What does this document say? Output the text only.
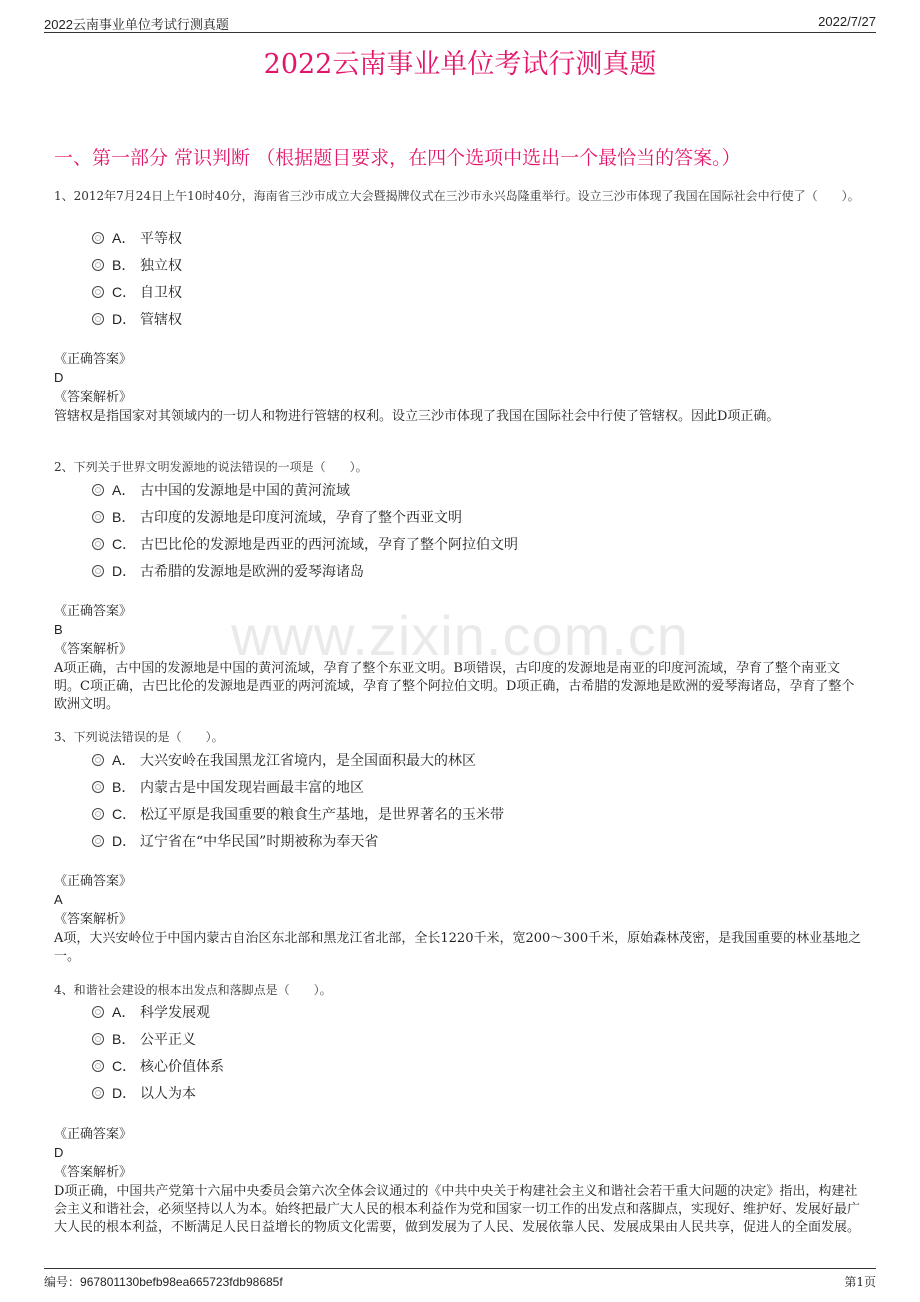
2022云南事业单位考试行测真题	2022/7/27
2022云南事业单位考试行测真题
一、第一部分 常识判断 （根据题目要求，在四个选项中选出一个最恰当的答案。）
www.zixin.com.cn
1、2012年7月24日上午10时40分，海南省三沙市成立大会暨揭牌仪式在三沙市永兴岛隆重举行。设立三沙市体现了我国在国际社会中行使了（　　）。
A． 平等权
B． 独立权
C． 自卫权
D． 管辖权
《正确答案》
D
《答案解析》
管辖权是指国家对其领域内的一切人和物进行管辖的权利。设立三沙市体现了我国在国际社会中行使了管辖权。因此D项正确。
2、下列关于世界文明发源地的说法错误的一项是（　　）。
A． 古中国的发源地是中国的黄河流域
B． 古印度的发源地是印度河流域，孕育了整个西亚文明
C． 古巴比伦的发源地是西亚的西河流域，孕育了整个阿拉伯文明
D． 古希腊的发源地是欧洲的爱琴海诸岛
《正确答案》
B
《答案解析》
A项正确，古中国的发源地是中国的黄河流域，孕育了整个东亚文明。B项错误，古印度的发源地是南亚的印度河流域，孕育了整个南亚文明。C项正确，古巴比伦的发源地是西亚的两河流域，孕育了整个阿拉伯文明。D项正确，古希腊的发源地是欧洲的爱琴海诸岛，孕育了整个欧洲文明。
3、下列说法错误的是（　　）。
A． 大兴安岭在我国黑龙江省境内，是全国面积最大的林区
B． 内蒙古是中国发现岩画最丰富的地区
C． 松辽平原是我国重要的粮食生产基地，是世界著名的玉米带
D． 辽宁省在“中华民国”时期被称为奉天省
《正确答案》
A
《答案解析》
A项，大兴安岭位于中国内蒙古自治区东北部和黑龙江省北部，全长1220千米，宽200～300千米，原始森林茂密，是我国重要的林业基地之一。
4、和谐社会建设的根本出发点和落脚点是（　　）。
A． 科学发展观
B． 公平正义
C． 核心价值体系
D． 以人为本
《正确答案》
D
《答案解析》
D项正确，中国共产党第十六届中央委员会第六次全体会议通过的《中共中央关于构建社会主义和谐社会若干重大问题的决定》指出，构建社会主义和谐社会，必须坚持以人为本。始终把最广大人民的根本利益作为党和国家一切工作的出发点和落脚点，实现好、维护好、发展好最广大人民的根本利益，不断满足人民日益增长的物质文化需要，做到发展为了人民、发展依靠人民、发展成果由人民共享，促进人的全面发展。
编号：967801130befb98ea665723fdb98685f	第1页
